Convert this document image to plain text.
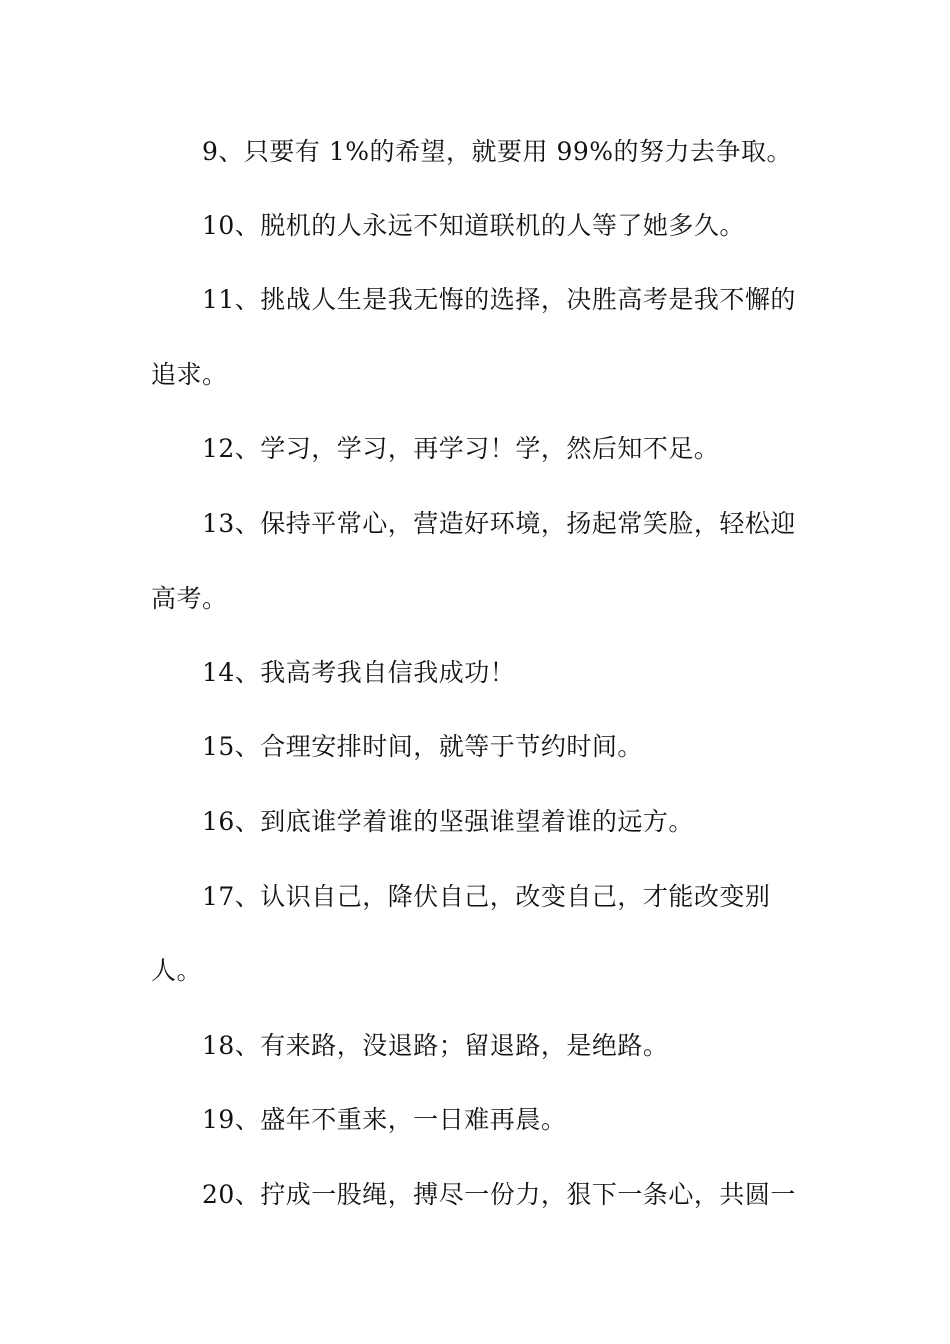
9、只要有 1%的希望，就要用 99%的努力去争取。
10、脱机的人永远不知道联机的人等了她多久。
11、挑战人生是我无悔的选择，决胜高考是我不懈的
追求。
12、学习，学习，再学习！学，然后知不足。
13、保持平常心，营造好环境，扬起常笑脸，轻松迎
高考。
14、我高考我自信我成功！
15、合理安排时间，就等于节约时间。
16、到底谁学着谁的坚强谁望着谁的远方。
17、认识自己，降伏自己，改变自己，才能改变别
人。
18、有来路，没退路；留退路，是绝路。
19、盛年不重来，一日难再晨。
20、拧成一股绳，搏尽一份力，狠下一条心，共圆一
